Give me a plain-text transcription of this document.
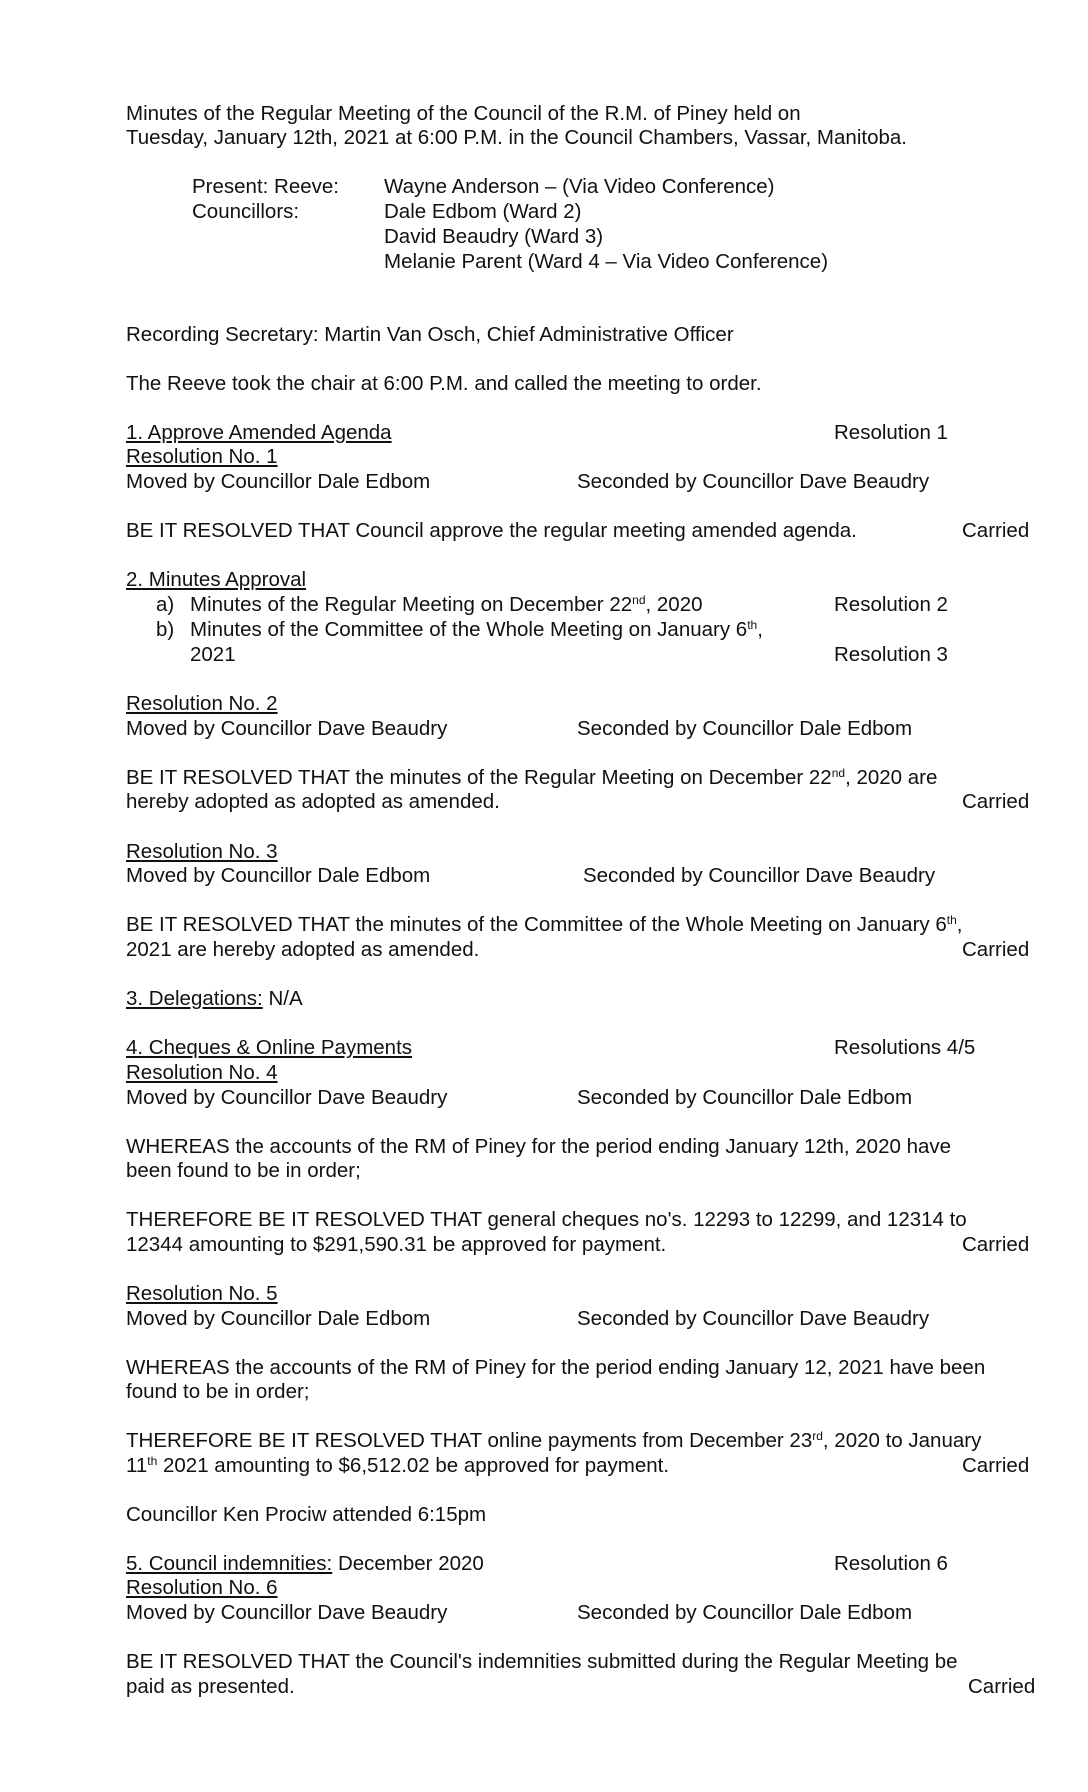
Minutes of the Regular Meeting of the Council of the R.M. of Piney held on
Tuesday, January 12th, 2021 at 6:00 P.M. in the Council Chambers, Vassar, Manitoba.
Present: Reeve: Wayne Anderson – (Via Video Conference)
Councillors:	Dale Edbom (Ward 2)
David Beaudry (Ward 3)
Melanie Parent (Ward 4 – Via Video Conference)
Recording Secretary: Martin Van Osch, Chief Administrative Officer
The Reeve took the chair at 6:00 P.M. and called the meeting to order.
1. Approve Amended Agenda	Resolution 1
Resolution No. 1
Moved by Councillor Dale Edbom	Seconded by Councillor Dave Beaudry
BE IT RESOLVED THAT Council approve the regular meeting amended agenda.	Carried
2. Minutes Approval
a) Minutes of the Regular Meeting on December 22nd, 2020	Resolution 2
b) Minutes of the Committee of the Whole Meeting on January 6th,
2021	Resolution 3
Resolution No. 2
Moved by Councillor Dave Beaudry	Seconded by Councillor Dale Edbom
BE IT RESOLVED THAT the minutes of the Regular Meeting on December 22nd, 2020 are
hereby adopted as adopted as amended.	Carried
Resolution No. 3
Moved by Councillor Dale Edbom	Seconded by Councillor Dave Beaudry
BE IT RESOLVED THAT the minutes of the Committee of the Whole Meeting on January 6th,
2021 are hereby adopted as amended.	Carried
3. Delegations: N/A
4. Cheques & Online Payments	Resolutions 4/5
Resolution No. 4
Moved by Councillor Dave Beaudry	Seconded by Councillor Dale Edbom
WHEREAS the accounts of the RM of Piney for the period ending January 12th, 2020 have
been found to be in order;
THEREFORE BE IT RESOLVED THAT general cheques no's. 12293 to 12299, and 12314 to
12344 amounting to $291,590.31 be approved for payment.	Carried
Resolution No. 5
Moved by Councillor Dale Edbom	Seconded by Councillor Dave Beaudry
WHEREAS the accounts of the RM of Piney for the period ending January 12, 2021 have been
found to be in order;
THEREFORE BE IT RESOLVED THAT online payments from December 23rd, 2020 to January
11th 2021 amounting to $6,512.02 be approved for payment.	Carried
Councillor Ken Prociw attended 6:15pm
5. Council indemnities: December 2020	Resolution 6
Resolution No. 6
Moved by Councillor Dave Beaudry	Seconded by Councillor Dale Edbom
BE IT RESOLVED THAT the Council's indemnities submitted during the Regular Meeting be
paid as presented.	Carried
